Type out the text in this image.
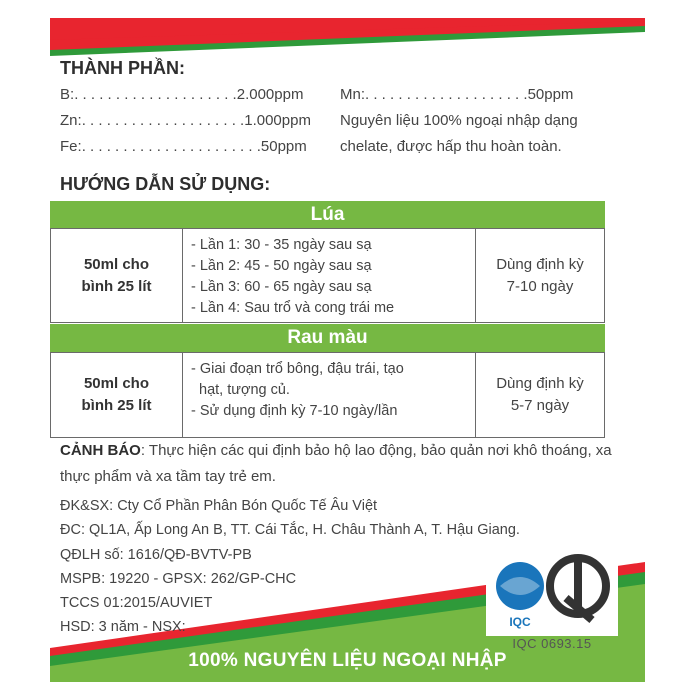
THÀNH PHẦN:
B:. . . . . . . . . . . . . . . . . . . .2.000ppm
Zn:. . . . . . . . . . . . . . . . . . . .1.000ppm
Fe:. . . . . . . . . . . . . . . . . . . . . .50ppm
Mn:. . . . . . . . . . . . . . . . . . . .50ppm
Nguyên liệu 100% ngoại nhập dạng chelate, được hấp thu hoàn toàn.
HƯỚNG DẪN SỬ DỤNG:
Lúa
50ml cho
bình 25 lít
- Lần 1: 30 - 35 ngày sau sạ
- Lần 2: 45 - 50 ngày sau sạ
- Lần 3: 60 - 65 ngày sau sạ
- Lần 4: Sau trổ và cong trái me
Dùng định kỳ
7-10 ngày
Rau màu
50ml cho
bình 25 lít
- Giai đoạn trổ bông, đậu trái, tạo
hạt, tượng củ.
- Sử dụng định kỳ 7-10 ngày/lần
Dùng định kỳ
5-7 ngày
CẢNH BÁO: Thực hiện các qui định bảo hộ lao động, bảo quản nơi khô thoáng, xa thực phẩm và xa tầm tay trẻ em.
ĐK&SX: Cty Cổ Phần Phân Bón Quốc Tế Âu Việt
ĐC: QL1A, Ấp Long An B, TT. Cái Tắc, H. Châu Thành A, T. Hậu Giang.
QĐLH số: 1616/QĐ-BVTV-PB
MSPB: 19220 - GPSX: 262/GP-CHC
TCCS 01:2015/AUVIET
HSD: 3 năm - NSX:	IQC
IQC 0693.15
100% NGUYÊN LIỆU NGOẠI NHẬP
